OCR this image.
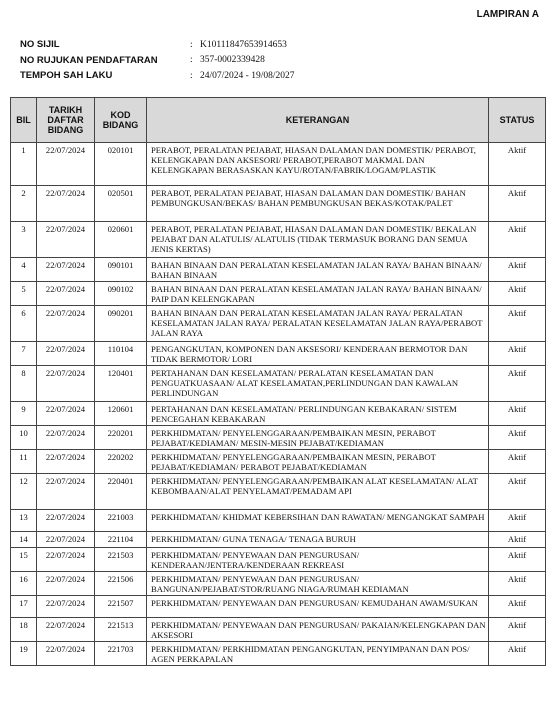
LAMPIRAN A
NO SIJIL	: K10111847653914653
NO RUJUKAN PENDAFTARAN	: 357-0002339428
TEMPOH SAH LAKU	: 24/07/2024 - 19/08/2027
BIL	TARIKH DAFTAR BIDANG	KOD BIDANG	KETERANGAN	STATUS
1	22/07/2024	020101	PERABOT, PERALATAN PEJABAT, HIASAN DALAMAN DAN DOMESTIK/ PERABOT, KELENGKAPAN DAN AKSESORI/ PERABOT,PERABOT MAKMAL DAN KELENGKAPAN BERASASKAN KAYU/ROTAN/FABRIK/LOGAM/PLASTIK	Aktif
2	22/07/2024	020501	PERABOT, PERALATAN PEJABAT, HIASAN DALAMAN DAN DOMESTIK/ BAHAN PEMBUNGKUSAN/BEKAS/ BAHAN PEMBUNGKUSAN BEKAS/KOTAK/PALET	Aktif
3	22/07/2024	020601	PERABOT, PERALATAN PEJABAT, HIASAN DALAMAN DAN DOMESTIK/ BEKALAN PEJABAT DAN ALATULIS/ ALATULIS (TIDAK TERMASUK BORANG DAN SEMUA JENIS KERTAS)	Aktif
4	22/07/2024	090101	BAHAN BINAAN DAN PERALATAN KESELAMATAN JALAN RAYA/ BAHAN BINAAN/ BAHAN BINAAN	Aktif
5	22/07/2024	090102	BAHAN BINAAN DAN PERALATAN KESELAMATAN JALAN RAYA/ BAHAN BINAAN/ PAIP DAN KELENGKAPAN	Aktif
6	22/07/2024	090201	BAHAN BINAAN DAN PERALATAN KESELAMATAN JALAN RAYA/ PERALATAN KESELAMATAN JALAN RAYA/ PERALATAN KESELAMATAN JALAN RAYA/PERABOT JALAN RAYA	Aktif
7	22/07/2024	110104	PENGANGKUTAN, KOMPONEN DAN AKSESORI/ KENDERAAN BERMOTOR DAN TIDAK BERMOTOR/ LORI	Aktif
8	22/07/2024	120401	PERTAHANAN DAN KESELAMATAN/ PERALATAN KESELAMATAN DAN PENGUATKUASAAN/ ALAT KESELAMATAN,PERLINDUNGAN DAN KAWALAN PERLINDUNGAN	Aktif
9	22/07/2024	120601	PERTAHANAN DAN KESELAMATAN/ PERLINDUNGAN KEBAKARAN/ SISTEM PENCEGAHAN KEBAKARAN	Aktif
10	22/07/2024	220201	PERKHIDMATAN/ PENYELENGGARAAN/PEMBAIKAN MESIN, PERABOT PEJABAT/KEDIAMAN/ MESIN-MESIN PEJABAT/KEDIAMAN	Aktif
11	22/07/2024	220202	PERKHIDMATAN/ PENYELENGGARAAN/PEMBAIKAN MESIN, PERABOT PEJABAT/KEDIAMAN/ PERABOT PEJABAT/KEDIAMAN	Aktif
12	22/07/2024	220401	PERKHIDMATAN/ PENYELENGGARAAN/PEMBAIKAN ALAT KESELAMATAN/ ALAT KEBOMBAAN/ALAT PENYELAMAT/PEMADAM API	Aktif
13	22/07/2024	221003	PERKHIDMATAN/ KHIDMAT KEBERSIHAN DAN RAWATAN/ MENGANGKAT SAMPAH	Aktif
14	22/07/2024	221104	PERKHIDMATAN/ GUNA TENAGA/ TENAGA BURUH	Aktif
15	22/07/2024	221503	PERKHIDMATAN/ PENYEWAAN DAN PENGURUSAN/ KENDERAAN/JENTERA/KENDERAAN REKREASI	Aktif
16	22/07/2024	221506	PERKHIDMATAN/ PENYEWAAN DAN PENGURUSAN/ BANGUNAN/PEJABAT/STOR/RUANG NIAGA/RUMAH KEDIAMAN	Aktif
17	22/07/2024	221507	PERKHIDMATAN/ PENYEWAAN DAN PENGURUSAN/ KEMUDAHAN AWAM/SUKAN	Aktif
18	22/07/2024	221513	PERKHIDMATAN/ PENYEWAAN DAN PENGURUSAN/ PAKAIAN/KELENGKAPAN DAN AKSESORI	Aktif
19	22/07/2024	221703	PERKHIDMATAN/ PERKHIDMATAN PENGANGKUTAN, PENYIMPANAN DAN POS/ AGEN PERKAPALAN	Aktif
